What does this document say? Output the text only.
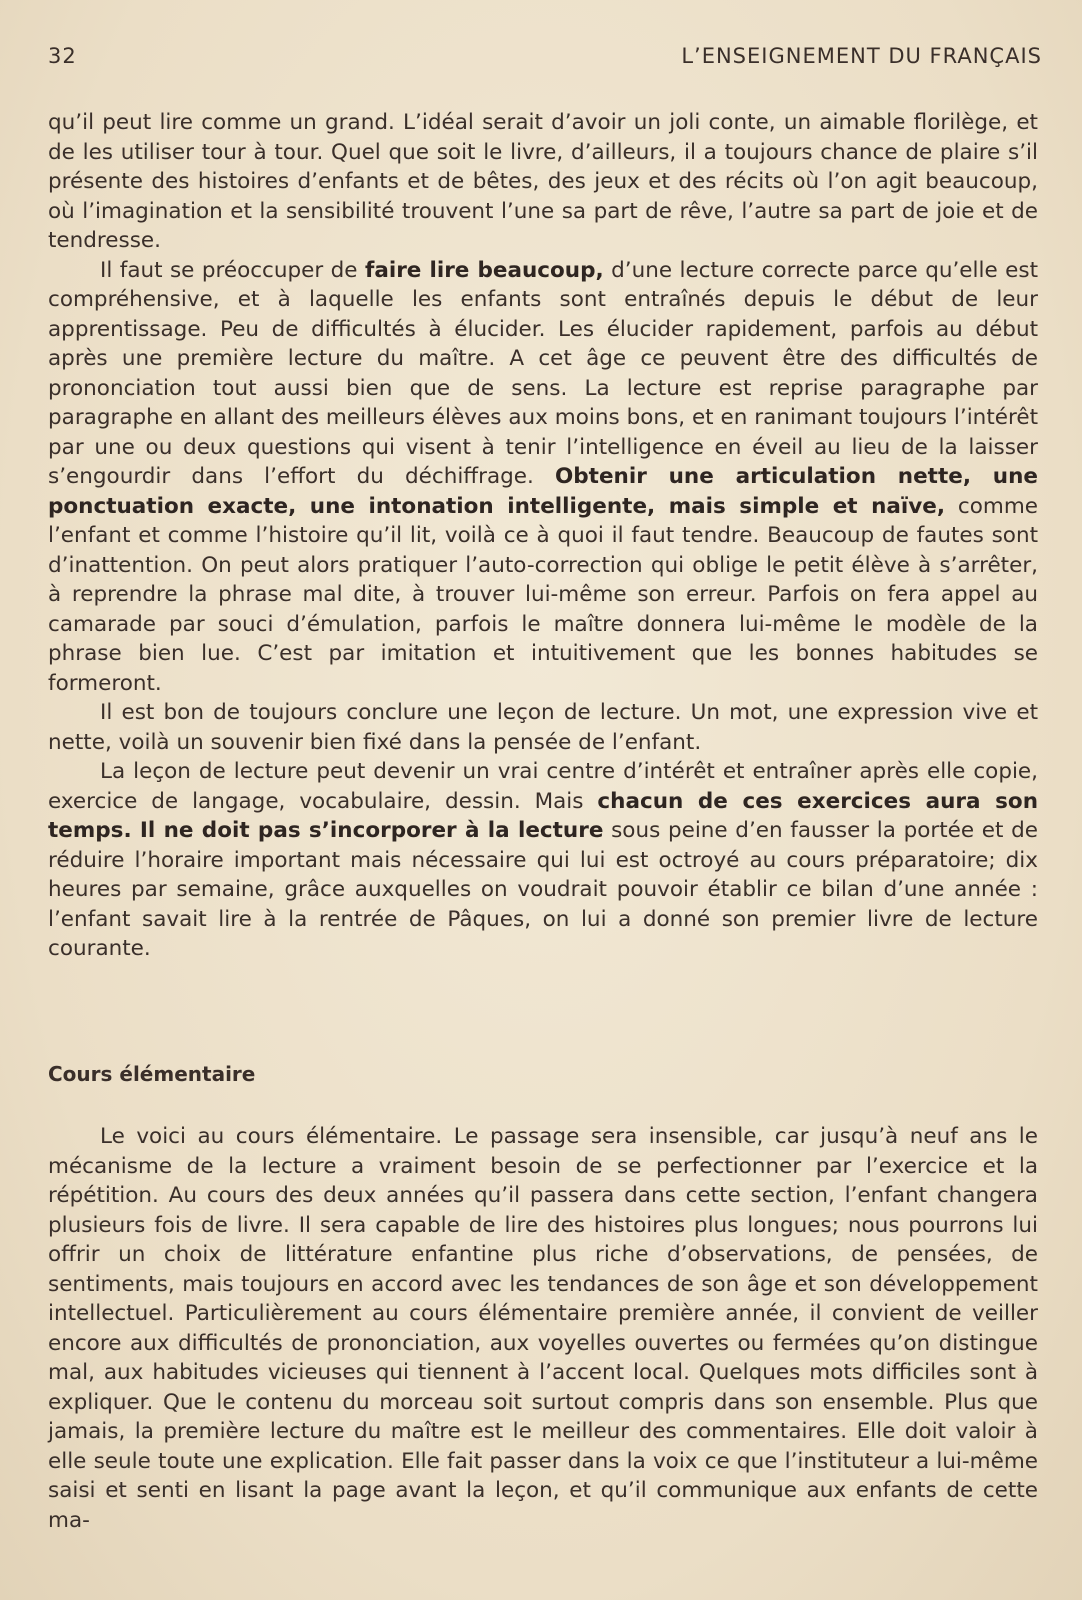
32	L’ENSEIGNEMENT DU FRANÇAIS

qu’il peut lire comme un grand. L’idéal serait d’avoir un joli conte, un aimable florilège, et de les utiliser tour à tour. Quel que soit le livre, d’ailleurs, il a toujours chance de plaire s’il présente des histoires d’enfants et de bêtes, des jeux et des récits où l’on agit beaucoup, où l’imagination et la sensibilité trouvent l’une sa part de rêve, l’autre sa part de joie et de tendresse.

Il faut se préoccuper de faire lire beaucoup, d’une lecture correcte parce qu’elle est compréhensive, et à laquelle les enfants sont entraînés depuis le début de leur apprentissage. Peu de difficultés à élucider. Les élucider rapidement, parfois au début après une première lecture du maître. A cet âge ce peuvent être des difficultés de prononciation tout aussi bien que de sens. La lecture est reprise paragraphe par paragraphe en allant des meilleurs élèves aux moins bons, et en ranimant toujours l’intérêt par une ou deux questions qui visent à tenir l’intelligence en éveil au lieu de la laisser s’engourdir dans l’effort du déchiffrage. Obtenir une articulation nette, une ponctuation exacte, une intonation intelligente, mais simple et naïve, comme l’enfant et comme l’histoire qu’il lit, voilà ce à quoi il faut tendre. Beaucoup de fautes sont d’inattention. On peut alors pratiquer l’auto-correction qui oblige le petit élève à s’arrêter, à reprendre la phrase mal dite, à trouver lui-même son erreur. Parfois on fera appel au camarade par souci d’émulation, parfois le maître donnera lui-même le modèle de la phrase bien lue. C’est par imitation et intuitivement que les bonnes habitudes se formeront.

Il est bon de toujours conclure une leçon de lecture. Un mot, une expression vive et nette, voilà un souvenir bien fixé dans la pensée de l’enfant.

La leçon de lecture peut devenir un vrai centre d’intérêt et entraîner après elle copie, exercice de langage, vocabulaire, dessin. Mais chacun de ces exercices aura son temps. Il ne doit pas s’incorporer à la lecture sous peine d’en fausser la portée et de réduire l’horaire important mais nécessaire qui lui est octroyé au cours préparatoire; dix heures par semaine, grâce auxquelles on voudrait pouvoir établir ce bilan d’une année : l’enfant savait lire à la rentrée de Pâques, on lui a donné son premier livre de lecture courante.

Cours élémentaire

Le voici au cours élémentaire. Le passage sera insensible, car jusqu’à neuf ans le mécanisme de la lecture a vraiment besoin de se perfectionner par l’exercice et la répétition. Au cours des deux années qu’il passera dans cette section, l’enfant changera plusieurs fois de livre. Il sera capable de lire des histoires plus longues; nous pourrons lui offrir un choix de littérature enfantine plus riche d’observations, de pensées, de sentiments, mais toujours en accord avec les tendances de son âge et son développement intellectuel. Particulièrement au cours élémentaire première année, il convient de veiller encore aux difficultés de prononciation, aux voyelles ouvertes ou fermées qu’on distingue mal, aux habitudes vicieuses qui tiennent à l’accent local. Quelques mots difficiles sont à expliquer. Que le contenu du morceau soit surtout compris dans son ensemble. Plus que jamais, la première lecture du maître est le meilleur des commentaires. Elle doit valoir à elle seule toute une explication. Elle fait passer dans la voix ce que l’instituteur a lui-même saisi et senti en lisant la page avant la leçon, et qu’il communique aux enfants de cette ma-
